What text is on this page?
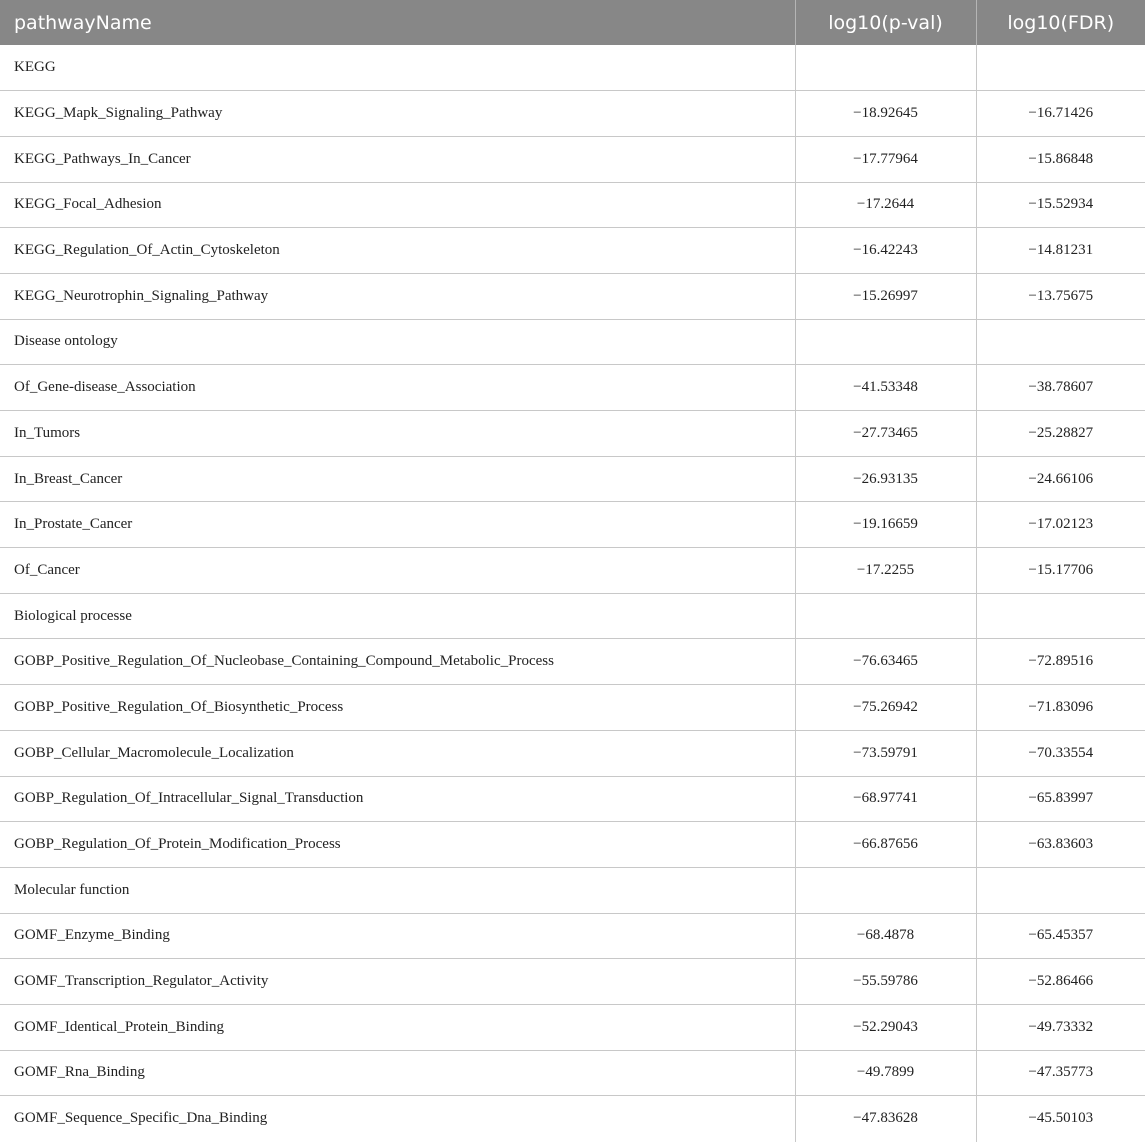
pathwayName	log10(p-val)	log10(FDR)
KEGG		
KEGG_Mapk_Signaling_Pathway	−18.92645	−16.71426
KEGG_Pathways_In_Cancer	−17.77964	−15.86848
KEGG_Focal_Adhesion	−17.2644	−15.52934
KEGG_Regulation_Of_Actin_Cytoskeleton	−16.42243	−14.81231
KEGG_Neurotrophin_Signaling_Pathway	−15.26997	−13.75675
Disease ontology		
Of_Gene-disease_Association	−41.53348	−38.78607
In_Tumors	−27.73465	−25.28827
In_Breast_Cancer	−26.93135	−24.66106
In_Prostate_Cancer	−19.16659	−17.02123
Of_Cancer	−17.2255	−15.17706
Biological processe		
GOBP_Positive_Regulation_Of_Nucleobase_Containing_Compound_Metabolic_Process	−76.63465	−72.89516
GOBP_Positive_Regulation_Of_Biosynthetic_Process	−75.26942	−71.83096
GOBP_Cellular_Macromolecule_Localization	−73.59791	−70.33554
GOBP_Regulation_Of_Intracellular_Signal_Transduction	−68.97741	−65.83997
GOBP_Regulation_Of_Protein_Modification_Process	−66.87656	−63.83603
Molecular function		
GOMF_Enzyme_Binding	−68.4878	−65.45357
GOMF_Transcription_Regulator_Activity	−55.59786	−52.86466
GOMF_Identical_Protein_Binding	−52.29043	−49.73332
GOMF_Rna_Binding	−49.7899	−47.35773
GOMF_Sequence_Specific_Dna_Binding	−47.83628	−45.50103
